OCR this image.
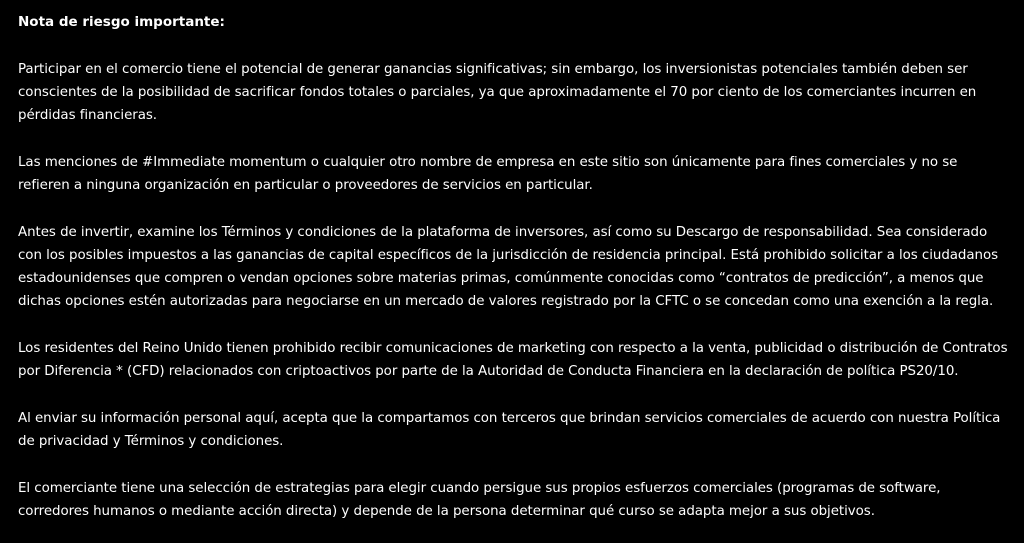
Nota de riesgo importante:

Participar en el comercio tiene el potencial de generar ganancias significativas; sin embargo, los inversionistas potenciales también deben ser conscientes de la posibilidad de sacrificar fondos totales o parciales, ya que aproximadamente el 70 por ciento de los comerciantes incurren en pérdidas financieras.

Las menciones de #Immediate momentum o cualquier otro nombre de empresa en este sitio son únicamente para fines comerciales y no se refieren a ninguna organización en particular o proveedores de servicios en particular.

Antes de invertir, examine los Términos y condiciones de la plataforma de inversores, así como su Descargo de responsabilidad. Sea considerado con los posibles impuestos a las ganancias de capital específicos de la jurisdicción de residencia principal. Está prohibido solicitar a los ciudadanos estadounidenses que compren o vendan opciones sobre materias primas, comúnmente conocidas como “contratos de predicción”, a menos que dichas opciones estén autorizadas para negociarse en un mercado de valores registrado por la CFTC o se concedan como una exención a la regla.

Los residentes del Reino Unido tienen prohibido recibir comunicaciones de marketing con respecto a la venta, publicidad o distribución de Contratos por Diferencia * (CFD) relacionados con criptoactivos por parte de la Autoridad de Conducta Financiera en la declaración de política PS20/10.

Al enviar su información personal aquí, acepta que la compartamos con terceros que brindan servicios comerciales de acuerdo con nuestra Política de privacidad y Términos y condiciones.

El comerciante tiene una selección de estrategias para elegir cuando persigue sus propios esfuerzos comerciales (programas de software, corredores humanos o mediante acción directa) y depende de la persona determinar qué curso se adapta mejor a sus objetivos.
